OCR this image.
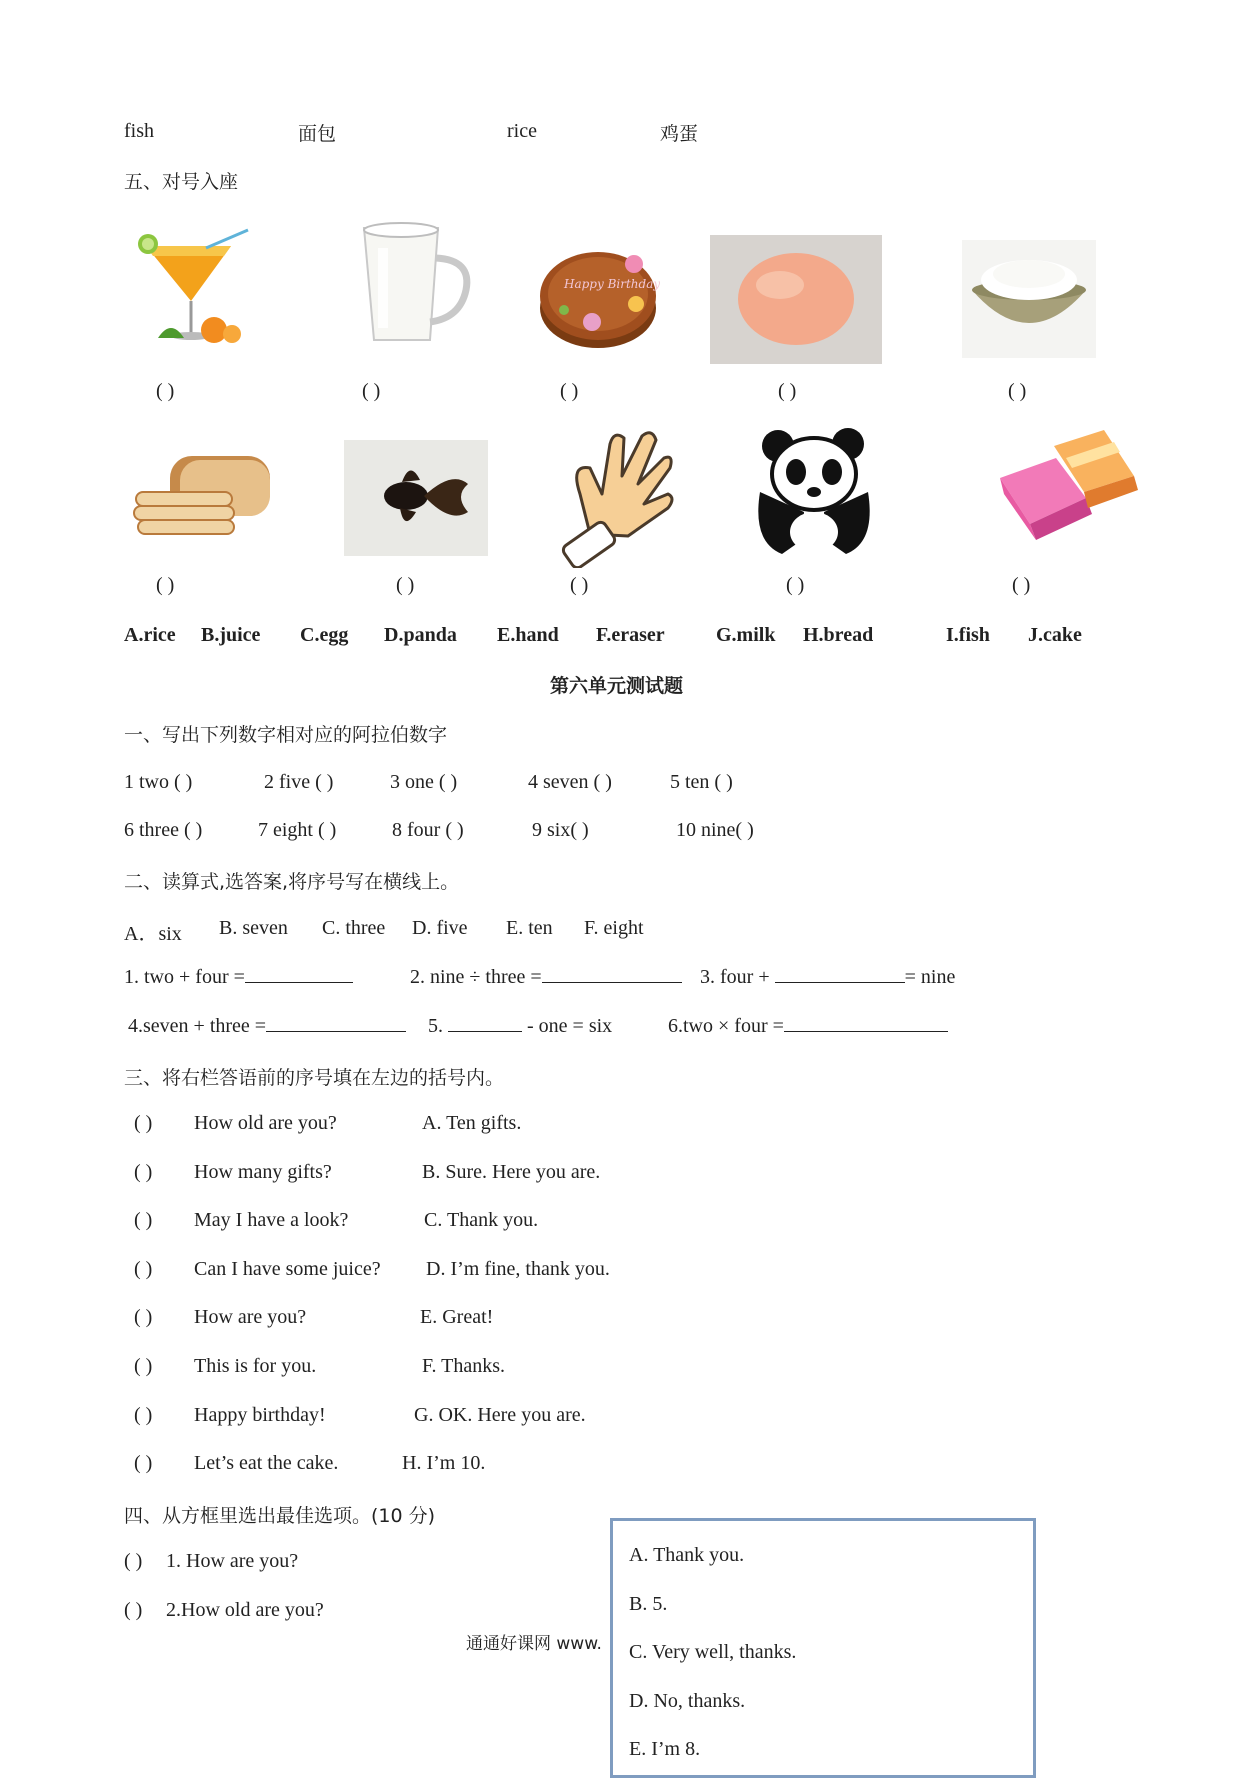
fish	面包	rice	鸡蛋
五、对号入座
Happy Birthday
( )	( )	( )	( )	( )
( )	( )	( )	( )	( )
A.rice B.juice C.egg D.panda E.hand F.eraser	G.milk H.bread	I.fish J.cake
第六单元测试题
一、写出下列数字相对应的阿拉伯数字
1 two ( )	2 five ( )	3 one ( )	4 seven ( )	5 ten ( )
6 three ( )	7 eight ( )	8 four ( )	9 six( )	10 nine( )
二、读算式,选答案,将序号写在横线上。
A．six B. seven C. three D. five E. ten F. eight
1. two + four =	2. nine ÷ three =	3. four +	= nine
4.seven + three =	5.	- one = six	6.two × four =
三、将右栏答语前的序号填在左边的括号内。
( ) How old are you?	A. Ten gifts.
( ) How many gifts?	B. Sure. Here you are.
( ) May I have a look?	C. Thank you.
( ) Can I have some juice? D. I’m fine, thank you.
( ) How are you?	E. Great!
( ) This is for you.	F. Thanks.
( ) Happy birthday!	G. OK. Here you are.
( ) Let’s eat the cake.	H. I’m 10.
四、从方框里选出最佳选项。(10 分)
( ) 1. How are you?
( ) 2.How old are you?
通通好课网 www.
A. Thank you.
B. 5.
C. Very well, thanks.
D. No, thanks.
E. I’m 8.
